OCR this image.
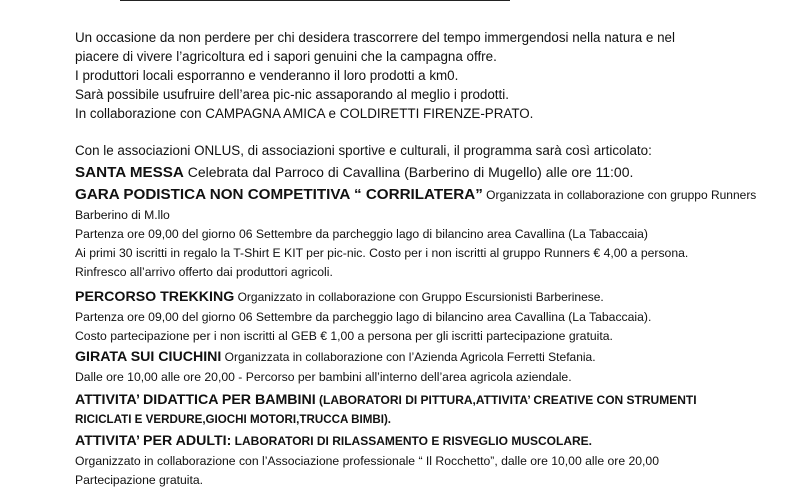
Un occasione da non perdere per chi desidera trascorrere del tempo immergendosi nella natura e nel

piacere di vivere l’agricoltura ed i sapori genuini che la campagna offre.

I produttori locali esporranno e venderanno il loro prodotti a km0.

Sarà possibile usufruire dell’area pic-nic assaporando al meglio i prodotti.

In collaborazione con CAMPAGNA AMICA e COLDIRETTI FIRENZE-PRATO.

Con le associazioni ONLUS, di associazioni sportive e culturali, il programma sarà così articolato:

SANTA MESSA Celebrata dal Parroco di Cavallina (Barberino di Mugello) alle ore 11:00.

GARA PODISTICA NON COMPETITIVA “ CORRILATERA” Organizzata in collaborazione con gruppo Runners

Barberino di M.llo

Partenza ore 09,00 del giorno 06 Settembre da parcheggio lago di bilancino area Cavallina (La Tabaccaia)

Ai primi 30 iscritti in regalo la T-Shirt E KIT per pic-nic. Costo per i non iscritti al gruppo Runners € 4,00 a persona.

Rinfresco all’arrivo offerto dai produttori agricoli.

PERCORSO TREKKING Organizzato in collaborazione con Gruppo Escursionisti Barberinese.

Partenza ore 09,00 del giorno 06 Settembre da parcheggio lago di bilancino area Cavallina (La Tabaccaia).

Costo partecipazione per i non iscritti al GEB € 1,00 a persona per gli iscritti partecipazione gratuita.

GIRATA SUI CIUCHINI Organizzata in collaborazione con l’Azienda Agricola Ferretti Stefania.

Dalle ore 10,00 alle ore 20,00 - Percorso per bambini all’interno dell’area agricola aziendale.

ATTIVITA’ DIDATTICA PER BAMBINI (LABORATORI DI PITTURA,ATTIVITA’ CREATIVE CON STRUMENTI

RICICLATI E VERDURE,GIOCHI MOTORI,TRUCCA BIMBI).

ATTIVITA’ PER ADULTI: LABORATORI DI RILASSAMENTO E RISVEGLIO MUSCOLARE.

Organizzato in collaborazione con l’Associazione professionale “ Il Rocchetto”, dalle ore 10,00 alle ore 20,00

Partecipazione gratuita.
